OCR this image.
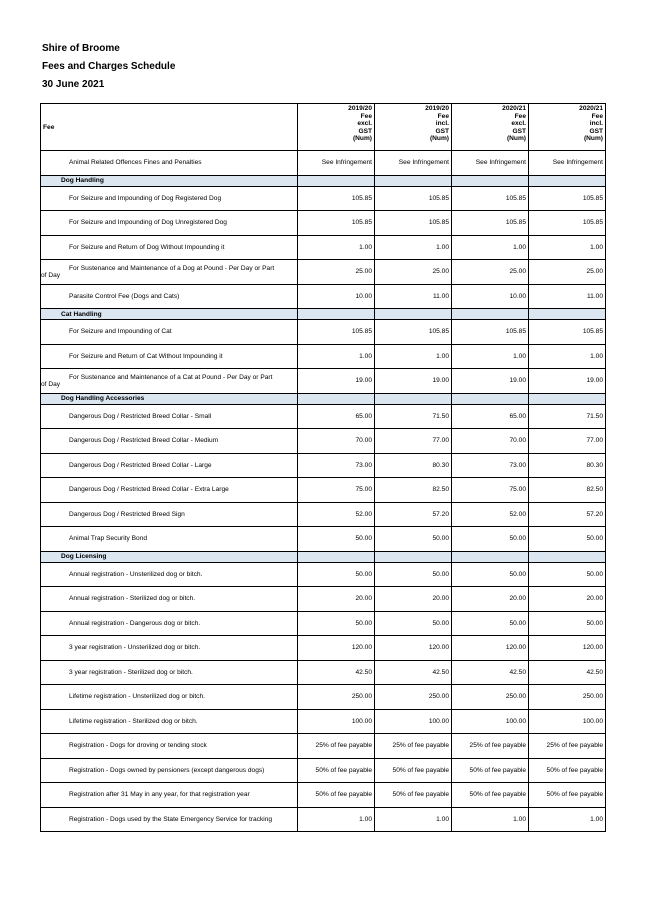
Shire of Broome
Fees and Charges Schedule
30 June 2021
Fee	2019/20
Fee
excl.
GST
(Num)	2019/20
Fee
incl.
GST
(Num)	2020/21
Fee
excl.
GST
(Num)	2020/21
Fee
incl.
GST
(Num)
Animal Related Offences Fines and Penalties	See Infringement	See Infringement	See Infringement	See Infringement
Dog Handling				
For Seizure and Impounding of Dog Registered Dog	105.85	105.85	105.85	105.85
For Seizure and Impounding of Dog Unregistered Dog	105.85	105.85	105.85	105.85
For Seizure and Return of Dog Without Impounding it	1.00	1.00	1.00	1.00

For Sustenance and Maintenance of a Dog at Pound - Per Day or Part
of Day	25.00	25.00	25.00	25.00
Parasite Control Fee (Dogs and Cats)	10.00	11.00	10.00	11.00
Cat Handling				
For Seizure and Impounding of Cat	105.85	105.85	105.85	105.85
For Seizure and Return of Cat Without Impounding it	1.00	1.00	1.00	1.00

For Sustenance and Maintenance of a Cat at Pound - Per Day or Part
of Day	19.00	19.00	19.00	19.00
Dog Handling Accessories				
Dangerous Dog / Restricted Breed Collar - Small	65.00	71.50	65.00	71.50
Dangerous Dog / Restricted Breed Collar - Medium	70.00	77.00	70.00	77.00
Dangerous Dog / Restricted Breed Collar - Large	73.00	80.30	73.00	80.30
Dangerous Dog / Restricted Breed Collar - Extra Large	75.00	82.50	75.00	82.50
Dangerous Dog / Restricted Breed Sign	52.00	57.20	52.00	57.20
Animal Trap Security Bond	50.00	50.00	50.00	50.00
Dog Licensing				
Annual registration - Unsterilized dog or bitch.	50.00	50.00	50.00	50.00
Annual registration - Sterilized dog or bitch.	20.00	20.00	20.00	20.00
Annual registration - Dangerous dog or bitch.	50.00	50.00	50.00	50.00
3 year registration - Unsterilized dog or bitch.	120.00	120.00	120.00	120.00
3 year registration - Sterilized dog or bitch.	42.50	42.50	42.50	42.50
Lifetime registration - Unsterilized dog or bitch.	250.00	250.00	250.00	250.00
Lifetime registration - Sterilized dog or bitch.	100.00	100.00	100.00	100.00
Registration - Dogs for droving or tending stock	25% of fee payable	25% of fee payable	25% of fee payable	25% of fee payable
Registration - Dogs owned by pensioners (except dangerous dogs)	50% of fee payable	50% of fee payable	50% of fee payable	50% of fee payable
Registration after 31 May in any year, for that registration year	50% of fee payable	50% of fee payable	50% of fee payable	50% of fee payable
Registration - Dogs used by the State Emergency Service for tracking	1.00	1.00	1.00	1.00
